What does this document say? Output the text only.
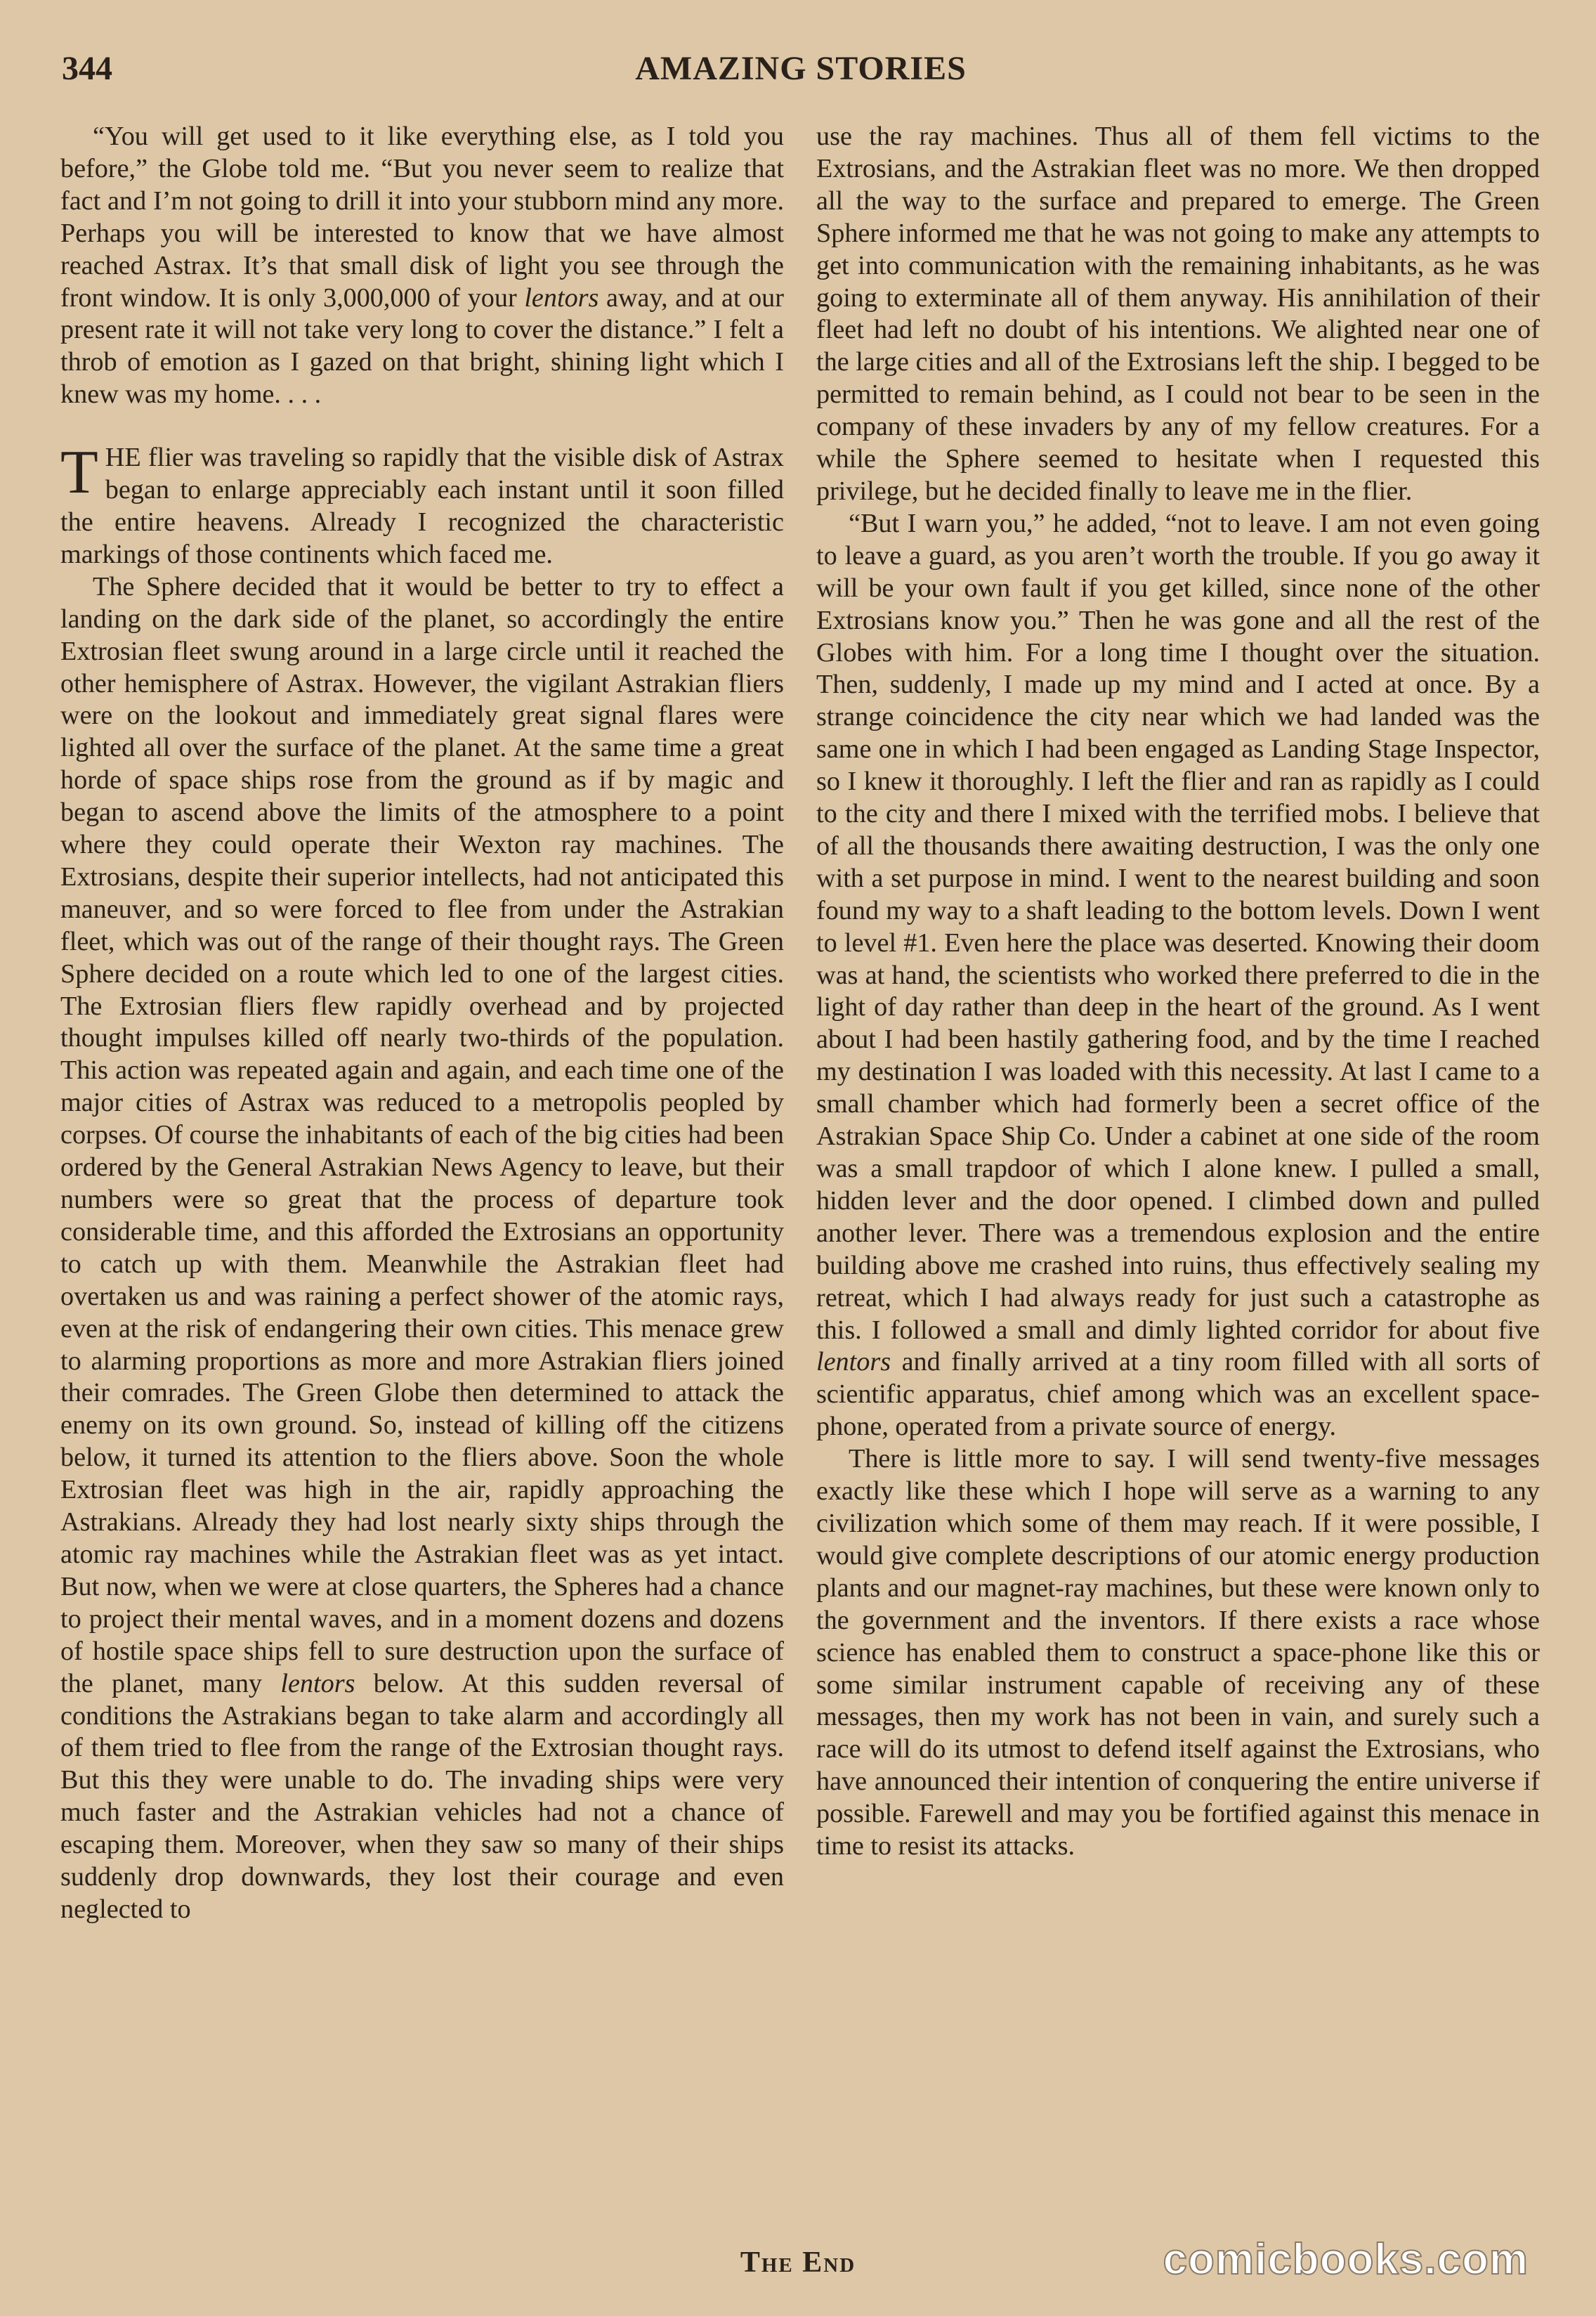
344	AMAZING STORIES

“You will get used to it like everything else, as I told you before,” the Globe told me. “But you never seem to realize that fact and I’m not going to drill it into your stubborn mind any more. Perhaps you will be interested to know that we have almost reached Astrax. It’s that small disk of light you see through the front window. It is only 3,000,000 of your lentors away, and at our present rate it will not take very long to cover the distance.” I felt a throb of emotion as I gazed on that bright, shining light which I knew was my home. . . .

THE flier was traveling so rapidly that the visible disk of Astrax began to enlarge appreciably each instant until it soon filled the entire heavens. Already I recognized the characteristic markings of those continents which faced me.

The Sphere decided that it would be better to try to effect a landing on the dark side of the planet, so accordingly the entire Extrosian fleet swung around in a large circle until it reached the other hemisphere of Astrax. However, the vigilant Astrakian fliers were on the lookout and immediately great signal flares were lighted all over the surface of the planet. At the same time a great horde of space ships rose from the ground as if by magic and began to ascend above the limits of the atmosphere to a point where they could operate their Wexton ray machines. The Extrosians, despite their superior intellects, had not anticipated this maneuver, and so were forced to flee from under the Astrakian fleet, which was out of the range of their thought rays. The Green Sphere decided on a route which led to one of the largest cities. The Extrosian fliers flew rapidly overhead and by projected thought impulses killed off nearly two-thirds of the population. This action was repeated again and again, and each time one of the major cities of Astrax was reduced to a metropolis peopled by corpses. Of course the inhabitants of each of the big cities had been ordered by the General Astrakian News Agency to leave, but their numbers were so great that the process of departure took considerable time, and this afforded the Extrosians an opportunity to catch up with them. Meanwhile the Astrakian fleet had overtaken us and was raining a perfect shower of the atomic rays, even at the risk of endangering their own cities. This menace grew to alarming proportions as more and more Astrakian fliers joined their comrades. The Green Globe then determined to attack the enemy on its own ground. So, instead of killing off the citizens below, it turned its attention to the fliers above. Soon the whole Extrosian fleet was high in the air, rapidly approaching the Astrakians. Already they had lost nearly sixty ships through the atomic ray machines while the Astrakian fleet was as yet intact. But now, when we were at close quarters, the Spheres had a chance to project their mental waves, and in a moment dozens and dozens of hostile space ships fell to sure destruction upon the surface of the planet, many lentors below. At this sudden reversal of conditions the Astrakians began to take alarm and accordingly all of them tried to flee from the range of the Extrosian thought rays. But this they were unable to do. The invading ships were very much faster and the Astrakian vehicles had not a chance of escaping them. Moreover, when they saw so many of their ships suddenly drop downwards, they lost their courage and even neglected to

use the ray machines. Thus all of them fell victims to the Extrosians, and the Astrakian fleet was no more. We then dropped all the way to the surface and prepared to emerge. The Green Sphere informed me that he was not going to make any attempts to get into communication with the remaining inhabitants, as he was going to exterminate all of them anyway. His annihilation of their fleet had left no doubt of his intentions. We alighted near one of the large cities and all of the Extrosians left the ship. I begged to be permitted to remain behind, as I could not bear to be seen in the company of these invaders by any of my fellow creatures. For a while the Sphere seemed to hesitate when I requested this privilege, but he decided finally to leave me in the flier.

“But I warn you,” he added, “not to leave. I am not even going to leave a guard, as you aren’t worth the trouble. If you go away it will be your own fault if you get killed, since none of the other Extrosians know you.” Then he was gone and all the rest of the Globes with him. For a long time I thought over the situation. Then, suddenly, I made up my mind and I acted at once. By a strange coincidence the city near which we had landed was the same one in which I had been engaged as Landing Stage Inspector, so I knew it thoroughly. I left the flier and ran as rapidly as I could to the city and there I mixed with the terrified mobs. I believe that of all the thousands there awaiting destruction, I was the only one with a set purpose in mind. I went to the nearest building and soon found my way to a shaft leading to the bottom levels. Down I went to level #1. Even here the place was deserted. Knowing their doom was at hand, the scientists who worked there preferred to die in the light of day rather than deep in the heart of the ground. As I went about I had been hastily gathering food, and by the time I reached my destination I was loaded with this necessity. At last I came to a small chamber which had formerly been a secret office of the Astrakian Space Ship Co. Under a cabinet at one side of the room was a small trapdoor of which I alone knew. I pulled a small, hidden lever and the door opened. I climbed down and pulled another lever. There was a tremendous explosion and the entire building above me crashed into ruins, thus effectively sealing my retreat, which I had always ready for just such a catastrophe as this. I followed a small and dimly lighted corridor for about five lentors and finally arrived at a tiny room filled with all sorts of scientific apparatus, chief among which was an excellent space-phone, operated from a private source of energy.

There is little more to say. I will send twenty-five messages exactly like these which I hope will serve as a warning to any civilization which some of them may reach. If it were possible, I would give complete descriptions of our atomic energy production plants and our magnet-ray machines, but these were known only to the government and the inventors. If there exists a race whose science has enabled them to construct a space-phone like this or some similar instrument capable of receiving any of these messages, then my work has not been in vain, and surely such a race will do its utmost to defend itself against the Extrosians, who have announced their intention of conquering the entire universe if possible. Farewell and may you be fortified against this menace in time to resist its attacks.

The End	comicbooks.com
